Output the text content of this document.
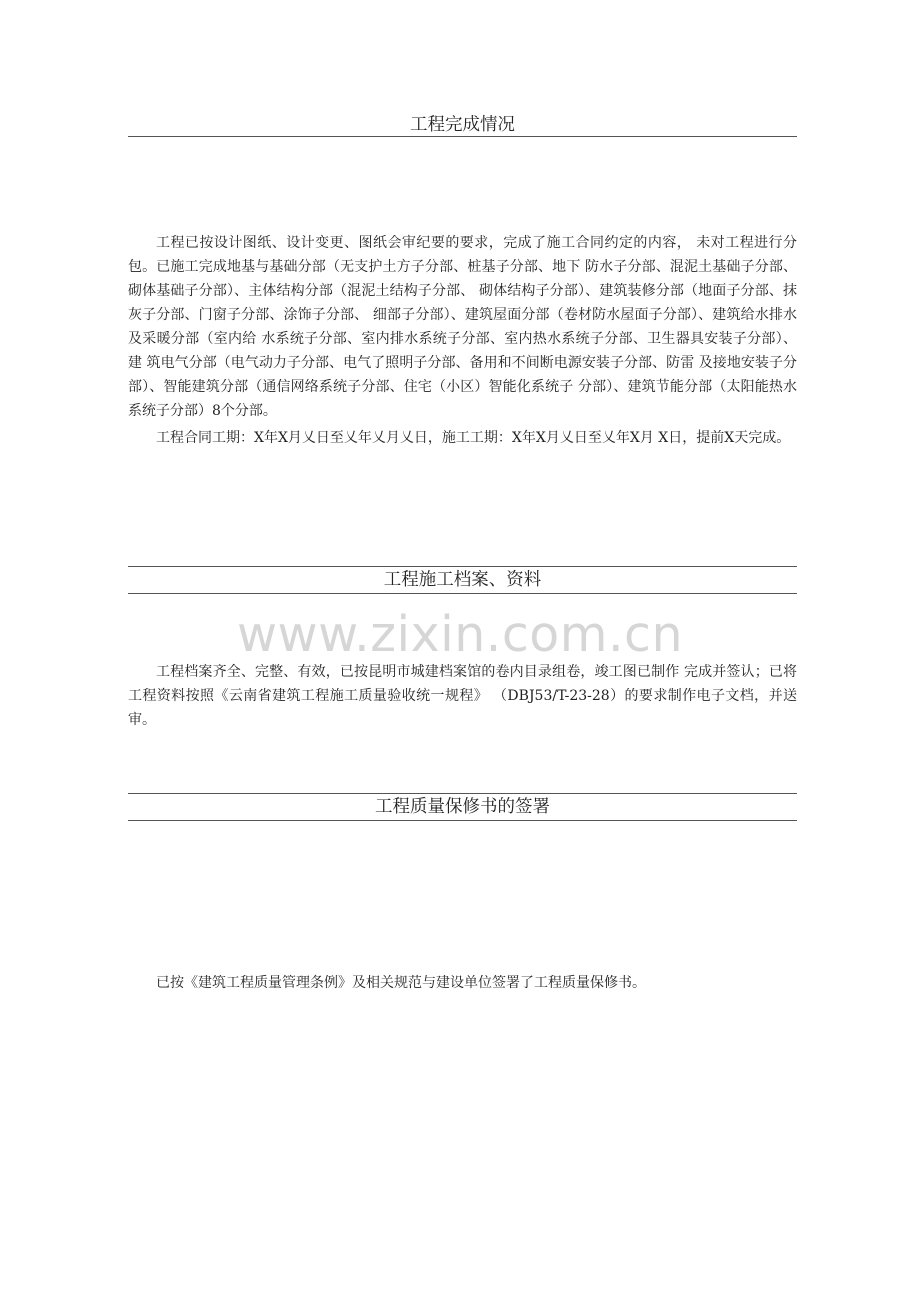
工程完成情况

工程已按设计图纸、设计变更、图纸会审纪要的要求，完成了施工合同约定的内容， 未对工程进行分包。已施工完成地基与基础分部（无支护土方子分部、桩基子分部、地下 防水子分部、混泥土基础子分部、砌体基础子分部）、主体结构分部（混泥土结构子分部、 砌体结构子分部）、建筑装修分部（地面子分部、抹灰子分部、门窗子分部、涂饰子分部、 细部子分部）、建筑屋面分部（卷材防水屋面子分部）、建筑给水排水及采暖分部（室内给 水系统子分部、室内排水系统子分部、室内热水系统子分部、卫生器具安装子分部）、建 筑电气分部（电气动力子分部、电气了照明子分部、备用和不间断电源安装子分部、防雷 及接地安装子分部）、智能建筑分部（通信网络系统子分部、住宅（小区）智能化系统子 分部）、建筑节能分部（太阳能热水系统子分部）8个分部。

工程合同工期：X年X月乂日至乂年乂月乂日，施工工期：X年X月乂日至乂年X月 X日，提前X天完成。

工程施工档案、资料
www.zixin.com.cn

工程档案齐全、完整、有效，已按昆明市城建档案馆的卷内目录组卷，竣工图已制作 完成并签认；已将工程资料按照《云南省建筑工程施工质量验收统一规程》 （DBJ53/T-23-28）的要求制作电子文档，并送审。

工程质量保修书的签署

已按《建筑工程质量管理条例》及相关规范与建设单位签署了工程质量保修书。
